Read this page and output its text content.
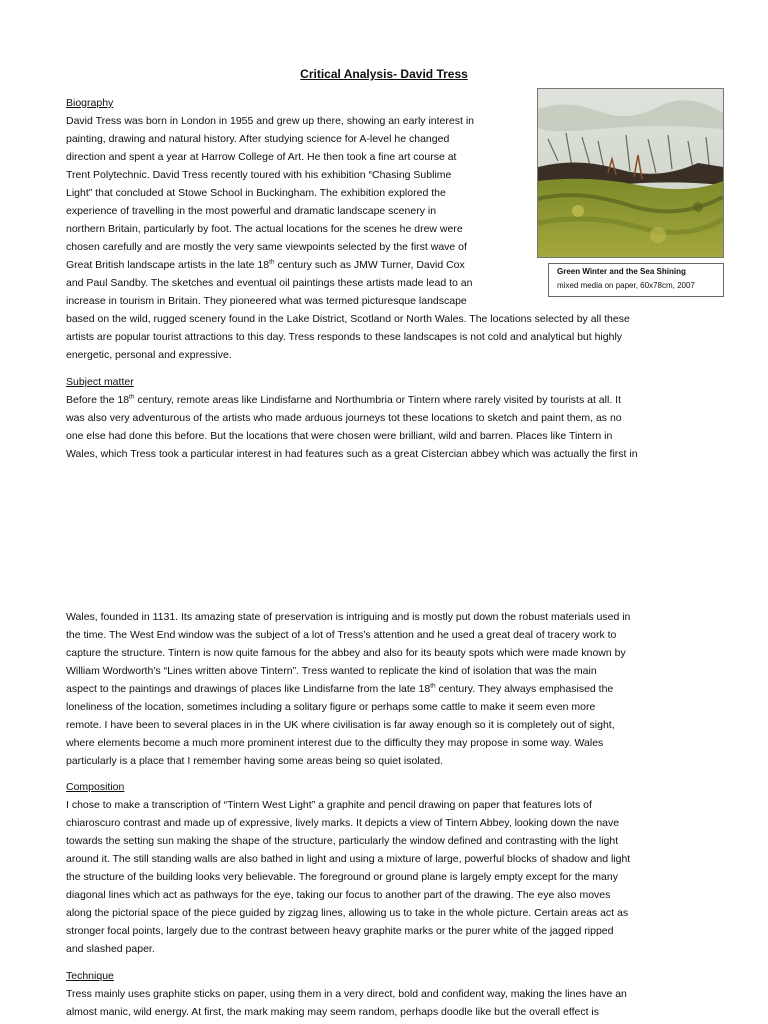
Critical Analysis- David Tress
Biography
David Tress was born in London in 1955 and grew up there, showing an early interest in
painting, drawing and natural history. After studying science for A-level he changed
direction and spent a year at Harrow College of Art. He then took a fine art course at
Trent Polytechnic. David Tress recently toured with his exhibition “Chasing Sublime
Light” that concluded at Stowe School in Buckingham. The exhibition explored the
experience of travelling in the most powerful and dramatic landscape scenery in
northern Britain, particularly by foot. The actual locations for the scenes he drew were
chosen carefully and are mostly the very same viewpoints selected by the first wave of
Great British landscape artists in the late 18th century such as JMW Turner, David Cox
and Paul Sandby. The sketches and eventual oil paintings these artists made lead to an
increase in tourism in Britain. They pioneered what was termed picturesque landscape
based on the wild, rugged scenery found in the Lake District, Scotland or North Wales. The locations selected by all these
artists are popular tourist attractions to this day. Tress responds to these landscapes is not cold and analytical but highly
energetic, personal and expressive.
Green Winter and the Sea Shining
mixed media on paper, 60x78cm, 2007
Subject matter
Before the 18th century, remote areas like Lindisfarne and Northumbria or Tintern where rarely visited by tourists at all. It
was also very adventurous of the artists who made arduous journeys tot these locations to sketch and paint them, as no
one else had done this before. But the locations that were chosen were brilliant, wild and barren. Places like Tintern in
Wales, which Tress took a particular interest in had features such as a great Cistercian abbey which was actually the first in
Wales, founded in 1131. Its amazing state of preservation is intriguing and is mostly put down the robust materials used in
the time. The West End window was the subject of a lot of Tress’s attention and he used a great deal of tracery work to
capture the structure. Tintern is now quite famous for the abbey and also for its beauty spots which were made known by
William Wordworth’s “Lines written above Tintern”. Tress wanted to replicate the kind of isolation that was the main
aspect to the paintings and drawings of places like Lindisfarne from the late 18th century. They always emphasised the
loneliness of the location, sometimes including a solitary figure or perhaps some cattle to make it seem even more
remote. I have been to several places in in the UK where civilisation is far away enough so it is completely out of sight,
where elements become a much more prominent interest due to the difficulty they may propose in some way. Wales
particularly is a place that I remember having some areas being so quiet isolated.
Composition
I chose to make a transcription of “Tintern West Light” a graphite and pencil drawing on paper that features lots of
chiaroscuro contrast and made up of expressive, lively marks. It depicts a view of Tintern Abbey, looking down the nave
towards the setting sun making the shape of the structure, particularly the window defined and contrasting with the light
around it. The still standing walls are also bathed in light and using a mixture of large, powerful blocks of shadow and light
the structure of the building looks very believable. The foreground or ground plane is largely empty except for the many
diagonal lines which act as pathways for the eye, taking our focus to another part of the drawing. The eye also moves
along the pictorial space of the piece guided by zigzag lines, allowing us to take in the whole picture. Certain areas act as
stronger focal points, largely due to the contrast between heavy graphite marks or the purer white of the jagged ripped
and slashed paper.
Technique
Tress mainly uses graphite sticks on paper, using them in a very direct, bold and confident way, making the lines have an
almost manic, wild energy. At first, the mark making may seem random, perhaps doodle like but the overall effect is
